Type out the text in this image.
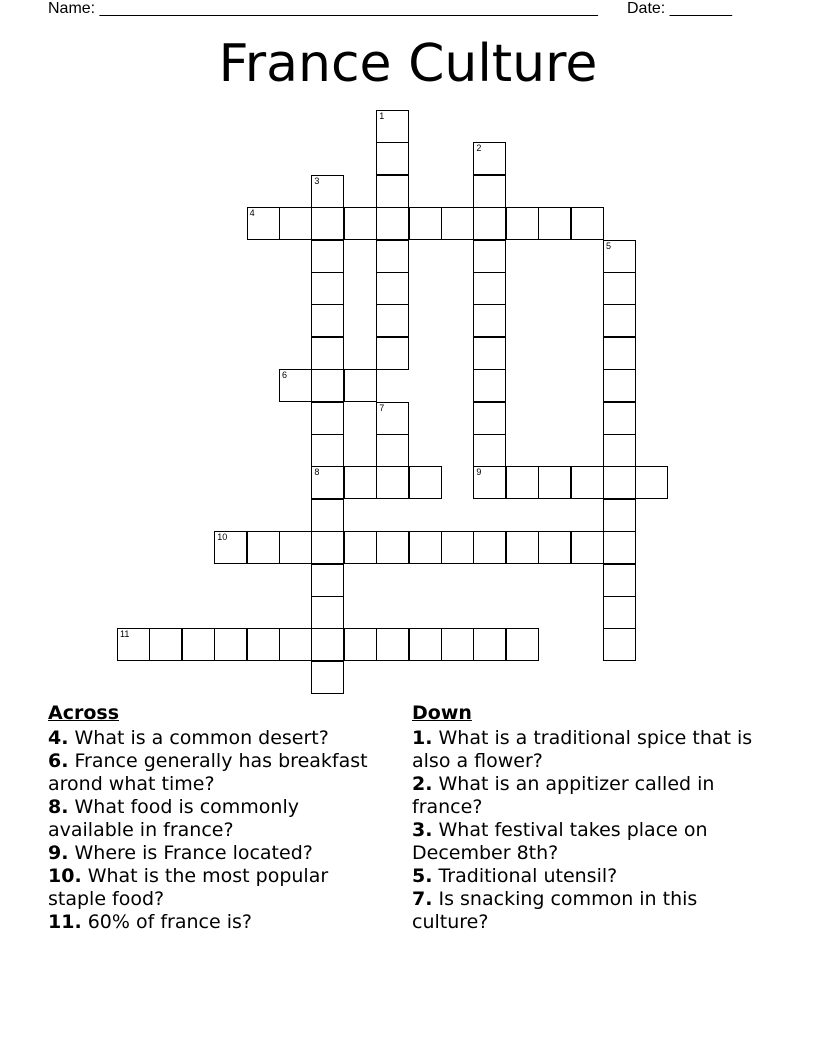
Name: ________________________________________________________ Date: _______
France Culture
1
2
3
8
4
5
6
7
9
10
11
Across
4. What is a common desert?
6. France generally has breakfast arond what time?
8. What food is commonly available in france?
9. Where is France located?
10. What is the most popular staple food?
11. 60% of france is?
Down
1. What is a traditional spice that is also a flower?
2. What is an appitizer called in france?
3. What festival takes place on December 8th?
5. Traditional utensil?
7. Is snacking common in this culture?
